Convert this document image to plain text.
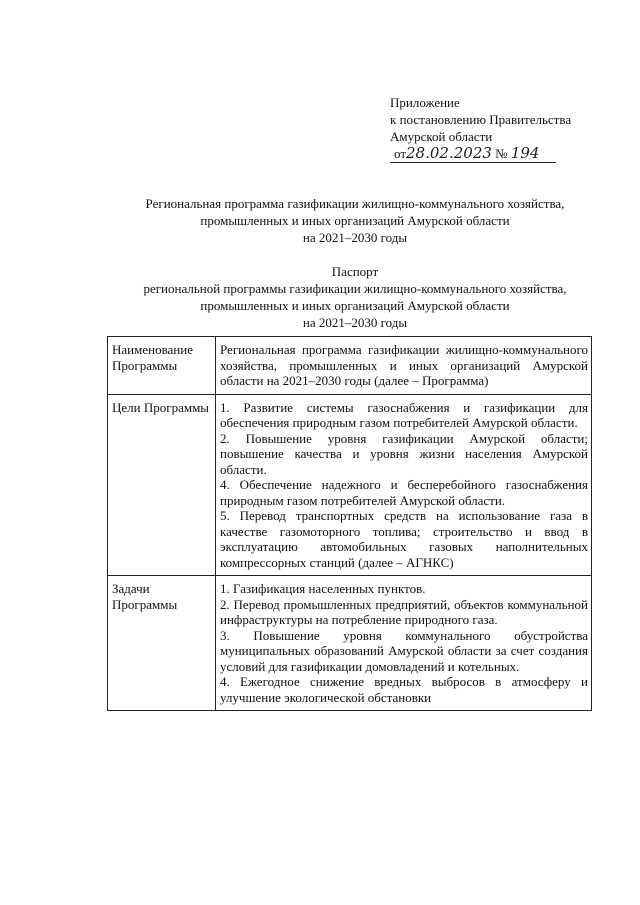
Приложение
к постановлению Правительства
Амурской области
от28.02.2023 № 194
Региональная программа газификации жилищно-коммунального хозяйства,
промышленных и иных организаций Амурской области
на 2021–2030 годы
Паспорт
региональной программы газификации жилищно-коммунального хозяйства,
промышленных и иных организаций Амурской области
на 2021–2030 годы
Наименование Программы	Региональная программа газификации жилищно-коммунального хозяйства, промышленных и иных организаций Амурской области на 2021–2030 годы (далее – Программа)

Цели Программы	1. Развитие системы газоснабжения и газификации для обеспечения природным газом потребителей Амурской области.
2. Повышение уровня газификации Амурской области; повышение качества и уровня жизни населения Амурской области.
4. Обеспечение надежного и бесперебойного газоснабжения природным газом потребителей Амурской области.
5. Перевод транспортных средств на использование газа в качестве газомоторного топлива; строительство и ввод в эксплуатацию автомобильных газовых наполнительных компрессорных станций (далее – АГНКС)

Задачи Программы	1. Газификация населенных пунктов.
2. Перевод промышленных предприятий, объектов коммунальной инфраструктуры на потребление природного газа.
3. Повышение уровня коммунального обустройства муниципальных образований Амурской области за счет создания условий для газификации домовладений и котельных.
4. Ежегодное снижение вредных выбросов в атмосферу и улучшение экологической обстановки
